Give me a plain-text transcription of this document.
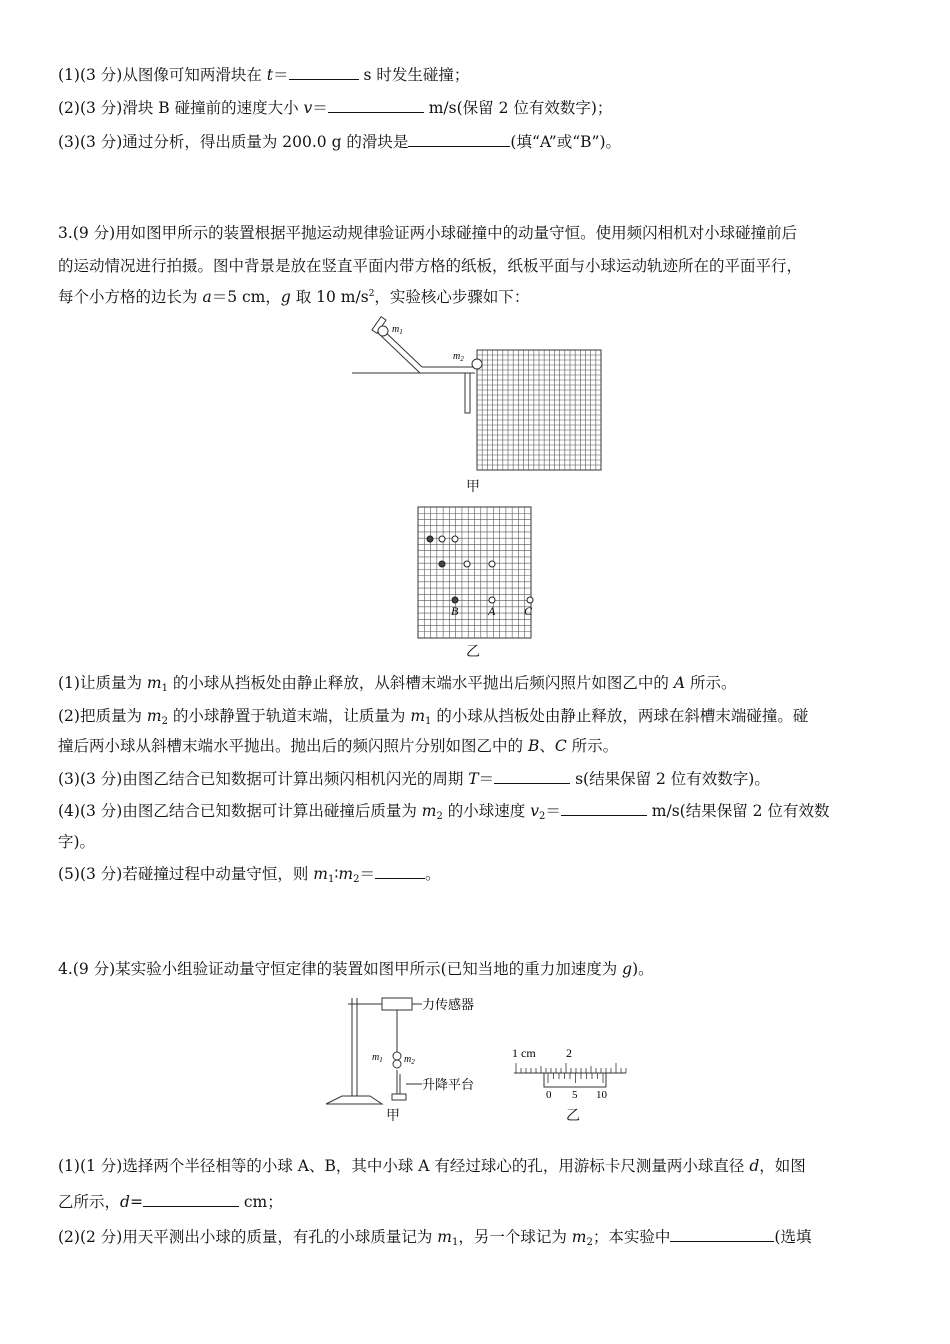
(1)(3 分)从图像可知两滑块在 t＝	s 时发生碰撞；
(2)(3 分)滑块 B 碰撞前的速度大小 v＝	m/s(保留 2 位有效数字)；
(3)(3 分)通过分析，得出质量为 200.0 g 的滑块是	(填“A”或“B”)。
3.(9 分)用如图甲所示的装置根据平抛运动规律验证两小球碰撞中的动量守恒。使用频闪相机对小球碰撞前后
的运动情况进行拍摄。图中背景是放在竖直平面内带方格的纸板，纸板平面与小球运动轨迹所在的平面平行，
每个小方格的边长为 a＝5 cm，g 取 10 $m/s^2$，实验核心步骤如下：
$m_1$
$m_2$
甲
B A C
乙
(1)让质量为 $m_1$ 的小球从挡板处由静止释放，从斜槽末端水平抛出后频闪照片如图乙中的 A 所示。
(2)把质量为 $m_2$ 的小球静置于轨道末端，让质量为 $m_1$ 的小球从挡板处由静止释放，两球在斜槽末端碰撞。碰
撞后两小球从斜槽末端水平抛出。抛出后的频闪照片分别如图乙中的 B、C 所示。
(3)(3 分)由图乙结合已知数据可计算出频闪相机闪光的周期 T＝	s(结果保留 2 位有效数字)。
(4)(3 分)由图乙结合已知数据可计算出碰撞后质量为 $m_2$ 的小球速度 $v_2=$	m/s(结果保留 2 位有效数
字)。
(5)(3 分)若碰撞过程中动量守恒，则 $m_1∶m_2=$	。
4.(9 分)某实验小组验证动量守恒定律的装置如图甲所示(已知当地的重力加速度为 g)。
力传感器
升降平台
$m_1$ $m_2$
甲
1 cm	2
0 5 10
乙
(1)(1 分)选择两个半径相等的小球 A、B，其中小球 A 有经过球心的孔，用游标卡尺测量两小球直径 d，如图
乙所示，d=	cm；
(2)(2 分)用天平测出小球的质量，有孔的小球质量记为 $m_1$，另一个球记为 $m_2$；本实验中	(选填
